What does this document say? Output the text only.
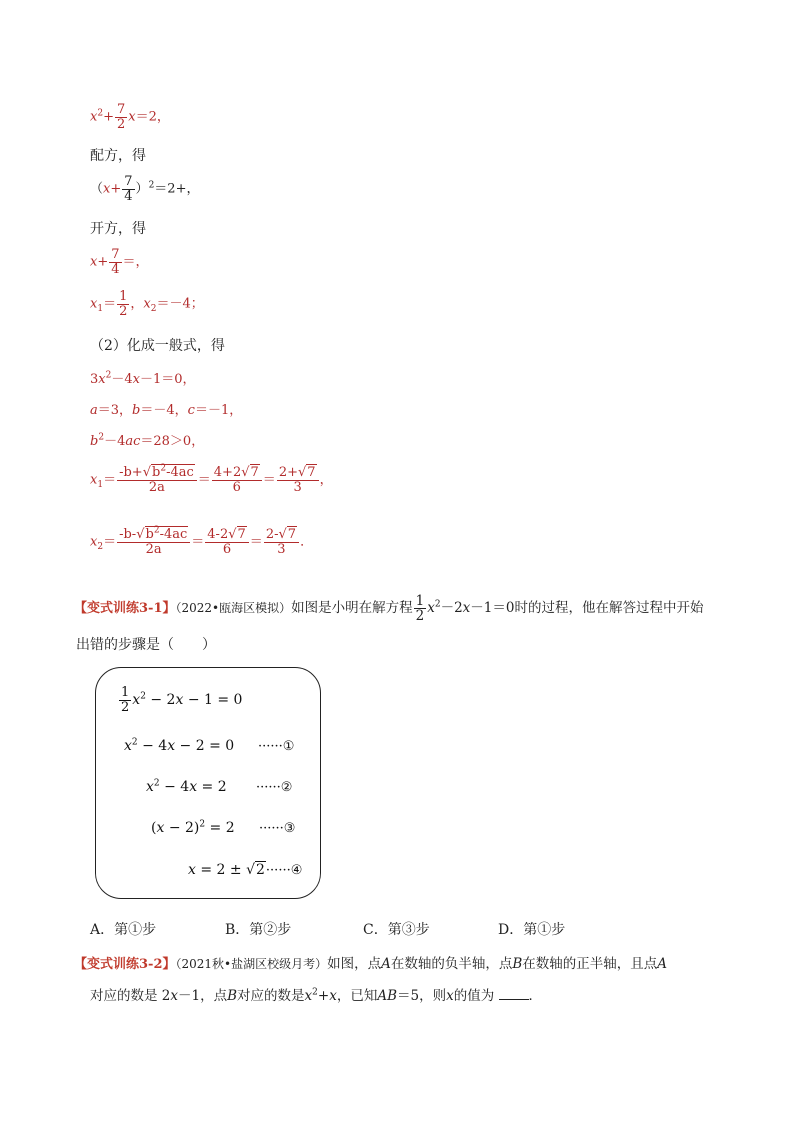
$x^2+ \frac{7}{2} x=2$，
配方，得
$(x+ \frac{7}{4} )^2=2+$，
开方，得
$x+ \frac{7}{4}$ ＝，
$x_1= \frac{1}{2}$ ，$x_2=-4$；
（2）化成一般式，得
$3x^2-4x-1=0$，
a＝3，b＝－4，c＝－1，
$b^2-4ac=28>0$，
$x_1= \frac{-b+√b^2-4ac}{2a} = \frac{4+2√7}{6} = \frac{2+√7}{3}$ ，
$x_2= \frac{-b-√b^2-4ac}{2a} = \frac{4-2√7}{6} = \frac{2-√7}{3}$ ．
【变式训练3-1】（2022•瓯海区模拟）如图是小明在解方程 $\frac{1}{2} x^2-2x-1=0$时的过程，他在解答过程中开始
出错的步骤是（　　）
$\frac{1}{2} x^2 - 2x - 1 = 0$
$x^2 - 4x - 2 = 0$ ······①
$x^2 - 4x = 2$ ······②
$(x - 2)^2 = 2$ ······③
x = 2 ± √2······④
A．第①步	B．第②步	C．第③步	D．第①步
【变式训练3-2】（2021秋•盐湖区校级月考）如图，点A在数轴的负半轴，点B在数轴的正半轴，且点A
对应的数是 2x－1，点B对应的数是$x^2+x$，已知AB＝5，则x的值为	．
